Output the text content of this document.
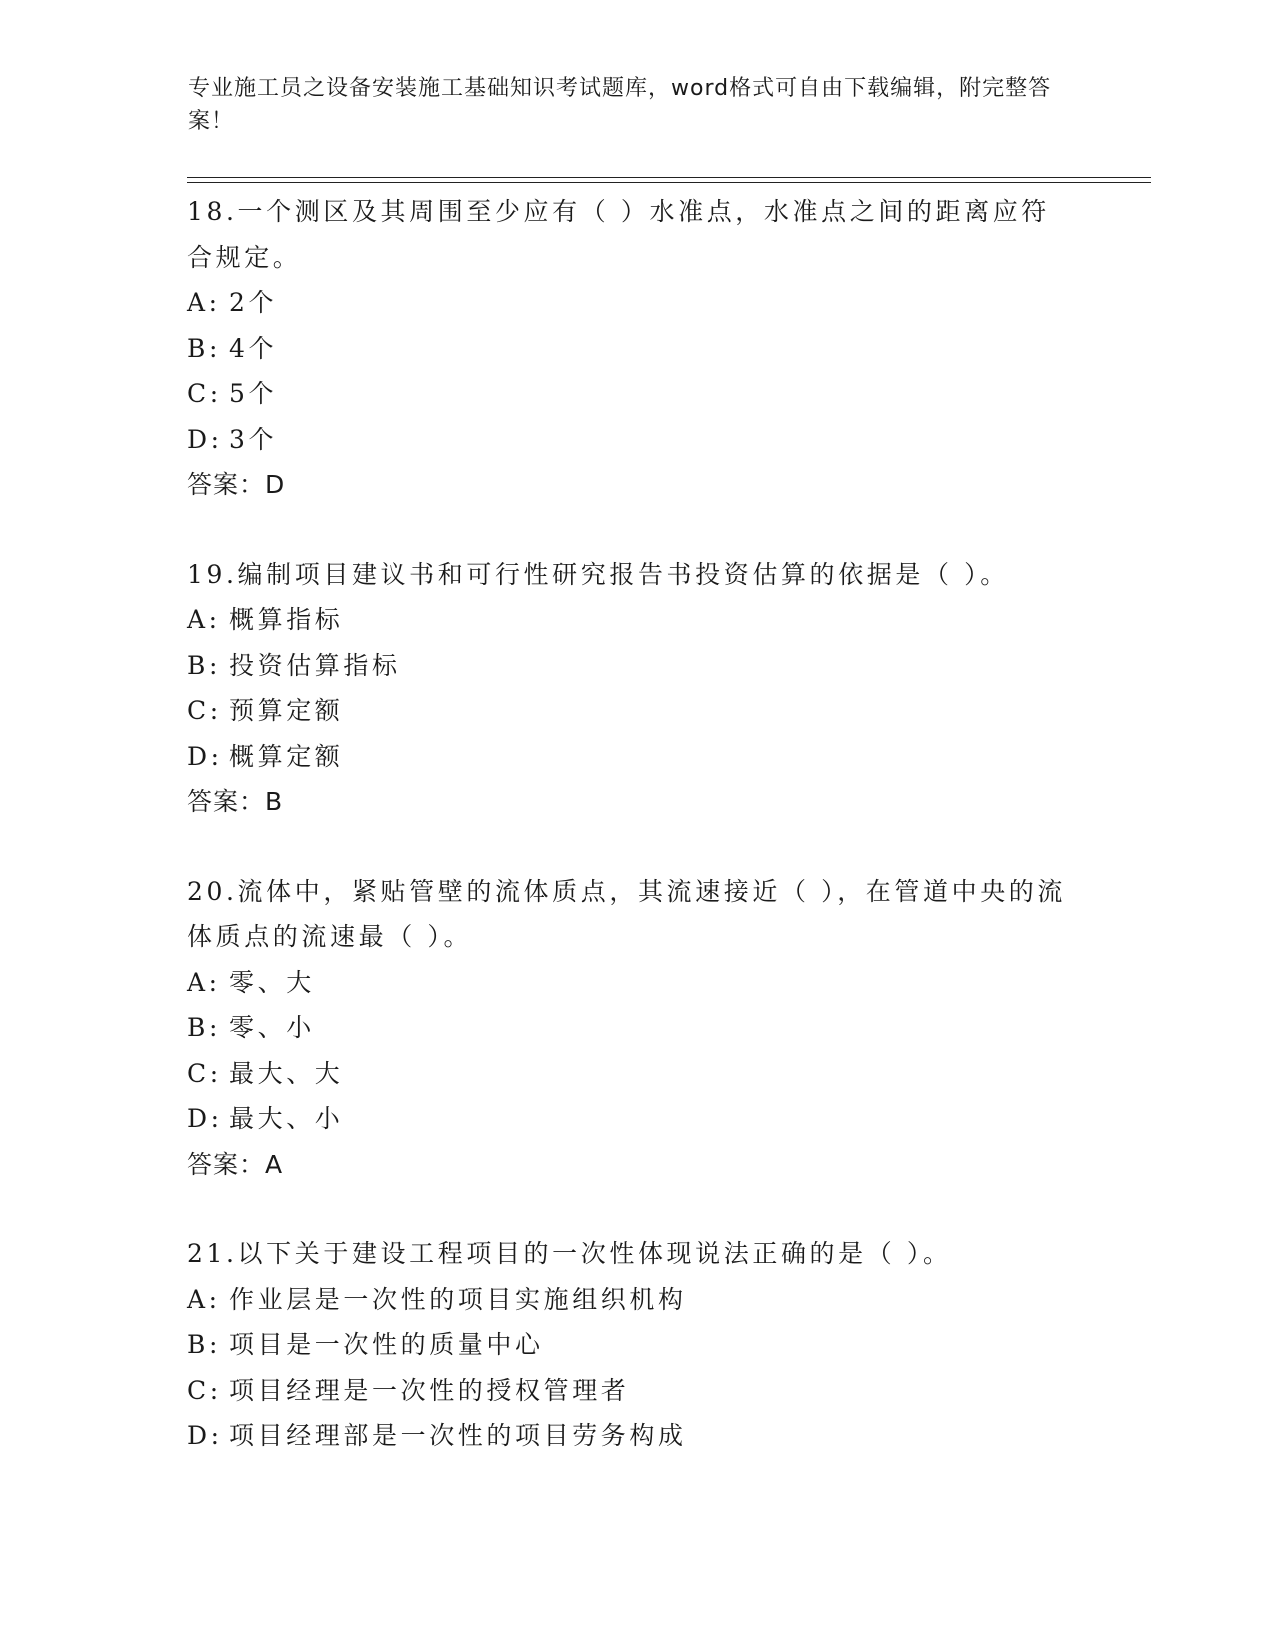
专业施工员之设备安装施工基础知识考试题库，word格式可自由下载编辑，附完整答案！
18.一个测区及其周围至少应有（ ）水准点，水准点之间的距离应符合规定。
A: 2个
B: 4个
C: 5个
D: 3个
答案：D
19.编制项目建议书和可行性研究报告书投资估算的依据是（ ）。
A: 概算指标
B: 投资估算指标
C: 预算定额
D: 概算定额
答案：B
20.流体中，紧贴管壁的流体质点，其流速接近（ ），在管道中央的流体质点的流速最（ ）。
A: 零、大
B: 零、小
C: 最大、大
D: 最大、小
答案：A
21.以下关于建设工程项目的一次性体现说法正确的是（ ）。
A: 作业层是一次性的项目实施组织机构
B: 项目是一次性的质量中心
C: 项目经理是一次性的授权管理者
D: 项目经理部是一次性的项目劳务构成
